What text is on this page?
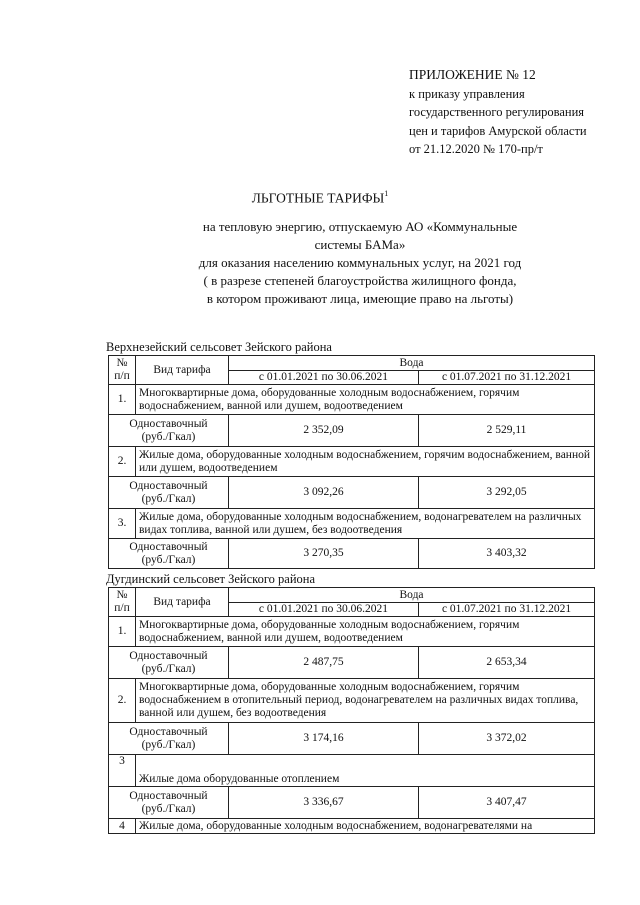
ПРИЛОЖЕНИЕ № 12
к приказу управления
государственного регулирования
цен и тарифов Амурской области
от 21.12.2020 № 170-пр/т
ЛЬГОТНЫЕ ТАРИФЫ$^1$
на тепловую энергию, отпускаемую АО «Коммунальные
системы БАМа»
для оказания населению коммунальных услуг, на 2021 год
( в разрезе степеней благоустройства жилищного фонда,
в котором проживают лица, имеющие право на льготы)
Верхнезейский сельсовет Зейского района
№ п/п	Вид тарифа	Вода	
		с 01.01.2021 по 30.06.2021	с 01.07.2021 по 31.12.2021
1.	Многоквартирные дома, оборудованные холодным водоснабжением, горячим водоснабжением, ванной или душем, водоотведением		
Одноставочный
(руб./Гкал)		2 352,09	2 529,11
2.	Жилые дома, оборудованные холодным водоснабжением, горячим водоснабжением, ванной или душем, водоотведением		
Одноставочный
(руб./Гкал)		3 092,26	3 292,05
3.	Жилые дома, оборудованные холодным водоснабжением, водонагревателем на различных видах топлива, ванной или душем, без водоотведения		
Одноставочный
(руб./Гкал)		3 270,35	3 403,32
Дугдинский сельсовет Зейского района
№ п/п	Вид тарифа	Вода	
		с 01.01.2021 по 30.06.2021	с 01.07.2021 по 31.12.2021
1.	Многоквартирные дома, оборудованные холодным водоснабжением, горячим водоснабжением, ванной или душем, водоотведением		
Одноставочный
(руб./Гкал)		2 487,75	2 653,34
2.	Многоквартирные дома, оборудованные холодным водоснабжением, горячим водоснабжением в отопительный период, водонагревателем на различных видах топлива, ванной или душем, без водоотведения		
Одноставочный
(руб./Гкал)		3 174,16	3 372,02
3	Жилые дома оборудованные отоплением		
Одноставочный
(руб./Гкал)		3 336,67	3 407,47
4	Жилые дома, оборудованные холодным водоснабжением, водонагревателями на		
